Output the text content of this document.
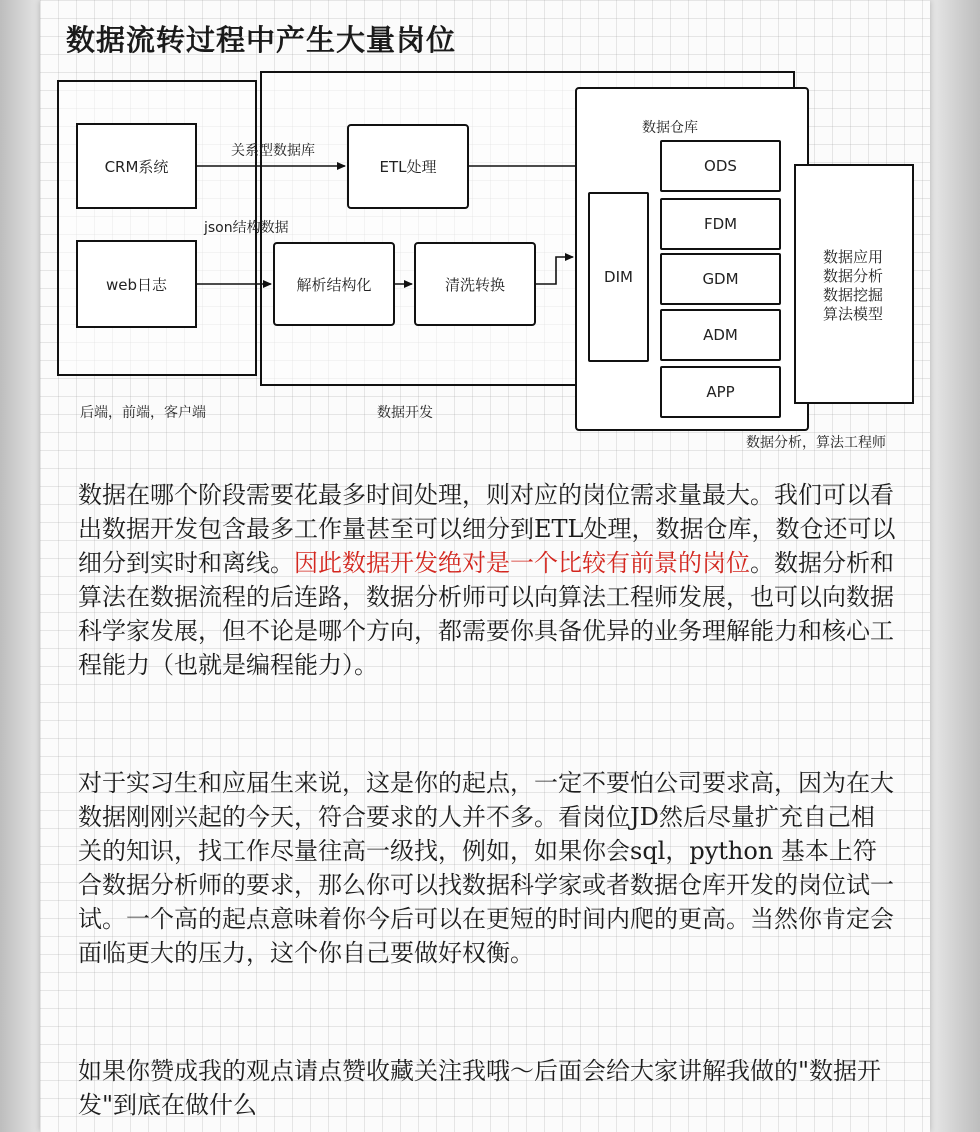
数据流转过程中产生大量岗位
CRM系统
web日志
ETL处理
解析结构化	清洗转换
数据仓库
DIM
ODS
FDM
GDM
ADM
APP
数据应用
数据分析
数据挖掘
算法模型
关系型数据库
json结构数据
后端，前端，客户端	数据开发
数据分析，算法工程师
数据在哪个阶段需要花最多时间处理，则对应的岗位需求量最大。我们可以看出数据开发包含最多工作量甚至可以细分到ETL处理，数据仓库，数仓还可以细分到实时和离线。因此数据开发绝对是一个比较有前景的岗位。数据分析和算法在数据流程的后连路，数据分析师可以向算法工程师发展，也可以向数据科学家发展，但不论是哪个方向，都需要你具备优异的业务理解能力和核心工程能力（也就是编程能力）。
对于实习生和应届生来说，这是你的起点，一定不要怕公司要求高，因为在大数据刚刚兴起的今天，符合要求的人并不多。看岗位JD然后尽量扩充自己相关的知识，找工作尽量往高一级找，例如，如果你会sql，python 基本上符合数据分析师的要求，那么你可以找数据科学家或者数据仓库开发的岗位试一试。一个高的起点意味着你今后可以在更短的时间内爬的更高。当然你肯定会面临更大的压力，这个你自己要做好权衡。
如果你赞成我的观点请点赞收藏关注我哦～后面会给大家讲解我做的"数据开发"到底在做什么
